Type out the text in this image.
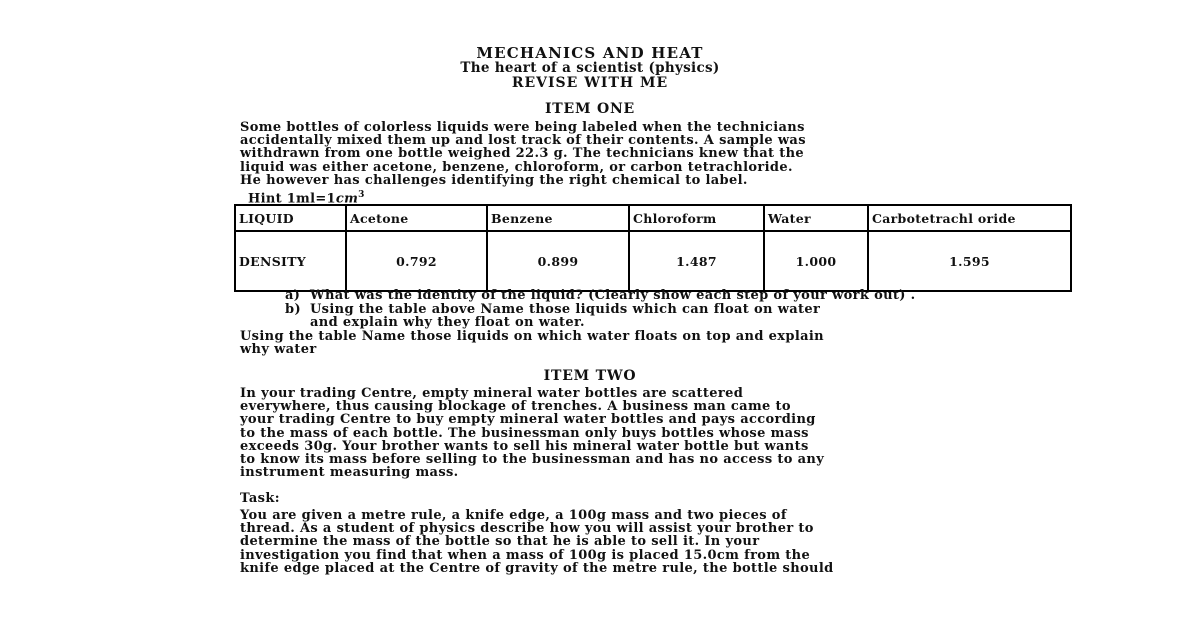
MECHANICS AND HEAT
The heart of a scientist (physics)
REVISE WITH ME
ITEM ONE
Some bottles of colorless liquids were being labeled when the technicians
accidentally mixed them up and lost track of their contents. A sample was
withdrawn from one bottle weighed 22.3 g. The technicians knew that the
liquid was either acetone, benzene, chloroform, or carbon tetrachloride.
He however has challenges identifying the right chemical to label.
Hint $1ml=1cm^3$
LIQUID	Acetone	Benzene	Chloroform	Water	Carbotetrachl oride
DENSITY	0.792	0.899	1.487	1.000	1.595
a) What was the identity of the liquid? (Clearly show each step of your work out) .
b) Using the table above Name those liquids which can float on water
and explain why they float on water.
Using the table Name those liquids on which water floats on top and explain
why water
ITEM TWO
In your trading Centre, empty mineral water bottles are scattered
everywhere, thus causing blockage of trenches. A business man came to
your trading Centre to buy empty mineral water bottles and pays according
to the mass of each bottle. The businessman only buys bottles whose mass
exceeds 30g. Your brother wants to sell his mineral water bottle but wants
to know its mass before selling to the businessman and has no access to any
instrument measuring mass.
Task:
You are given a metre rule, a knife edge, a 100g mass and two pieces of
thread. As a student of physics describe how you will assist your brother to
determine the mass of the bottle so that he is able to sell it. In your
investigation you find that when a mass of 100g is placed 15.0cm from the
knife edge placed at the Centre of gravity of the metre rule, the bottle should
